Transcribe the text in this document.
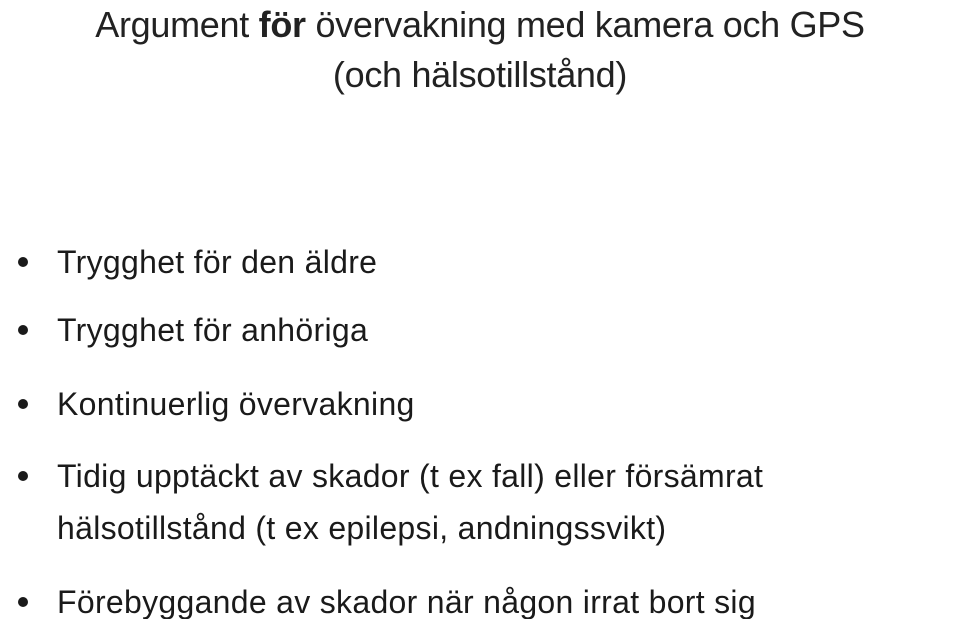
Argument för övervakning med kamera och GPS
(och hälsotillstånd)
Trygghet för den äldre
Trygghet för anhöriga
Kontinuerlig övervakning
Tidig upptäckt av skador (t ex fall) eller försämrat
hälsotillstånd (t ex epilepsi, andningssvikt)
Förebyggande av skador när någon irrat bort sig
